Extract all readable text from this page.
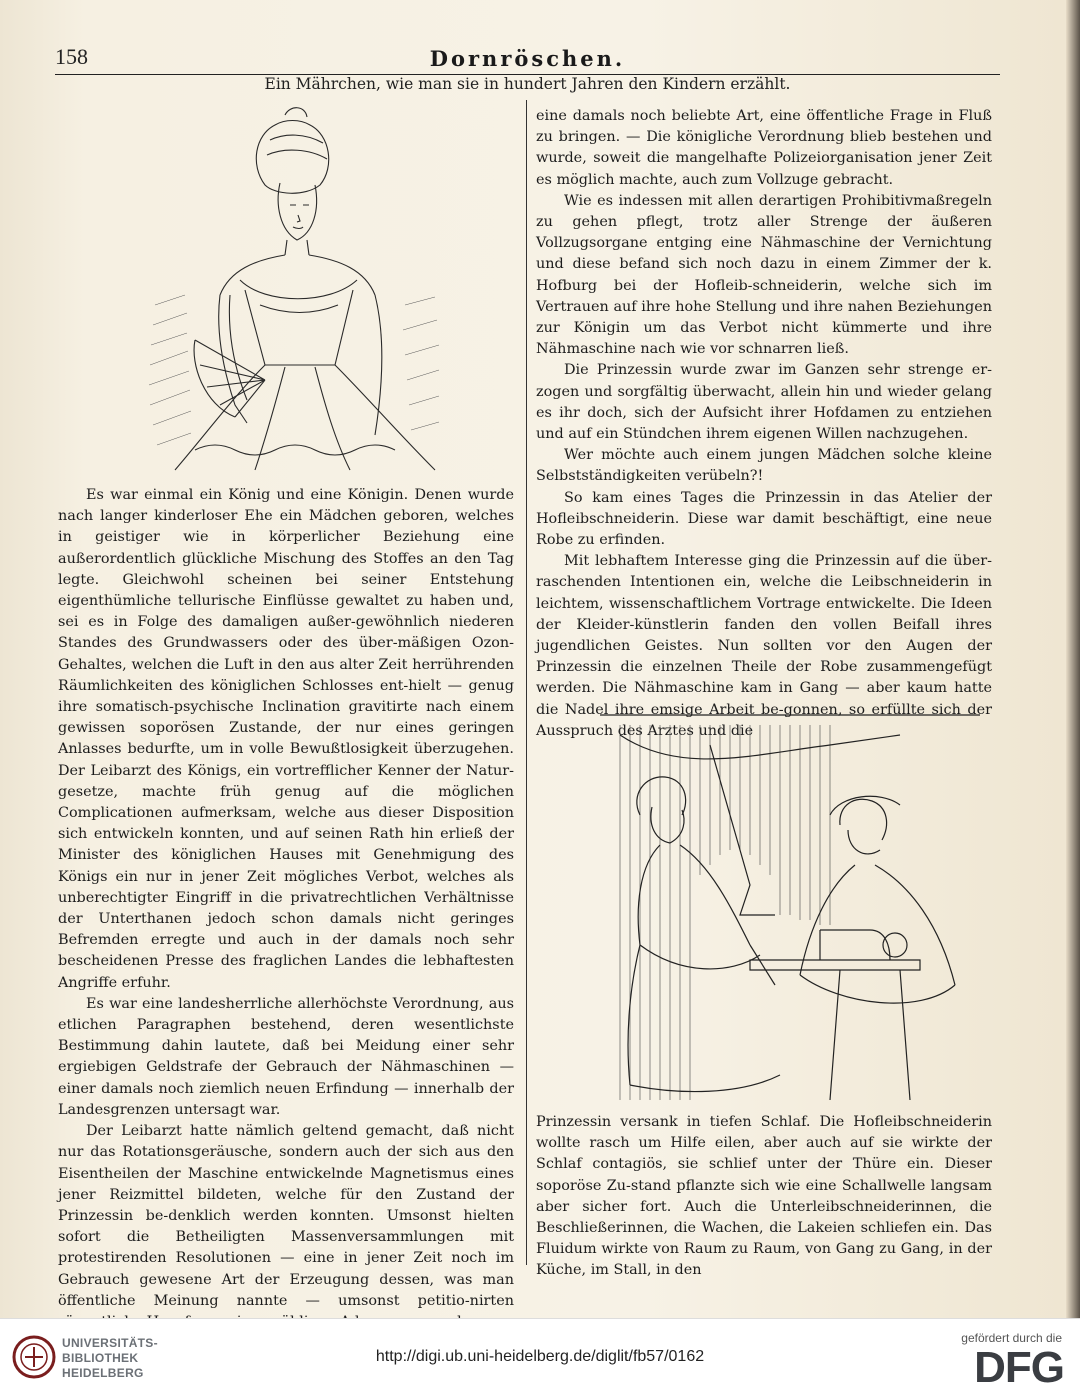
158	Dornröschen.
Ein Mährchen, wie man sie in hundert Jahren den Kindern erzählt.

Es war einmal ein König und eine Königin. Denen wurde nach langer kinderloser Ehe ein Mädchen geboren, welches in geistiger wie in körperlicher Beziehung eine außerordentlich glückliche Mischung des Stoffes an den Tag legte. Gleichwohl scheinen bei seiner Entstehung eigenthümliche tellurische Einflüsse gewaltet zu haben und, sei es in Folge des damaligen außer-gewöhnlich niederen Standes des Grundwassers oder des über-mäßigen Ozon-Gehaltes, welchen die Luft in den aus alter Zeit herrührenden Räumlichkeiten des königlichen Schlosses ent-hielt — genug ihre somatisch-psychische Inclination gravitirte nach einem gewissen soporösen Zustande, der nur eines geringen Anlasses bedurfte, um in volle Bewußtlosigkeit überzugehen. Der Leibarzt des Königs, ein vortrefflicher Kenner der Natur-gesetze, machte früh genug auf die möglichen Complicationen aufmerksam, welche aus dieser Disposition sich entwickeln konnten, und auf seinen Rath hin erließ der Minister des königlichen Hauses mit Genehmigung des Königs ein nur in jener Zeit mögliches Verbot, welches als unberechtigter Eingriff in die privatrechtlichen Verhältnisse der Unterthanen jedoch schon damals nicht geringes Befremden erregte und auch in der damals noch sehr bescheidenen Presse des fraglichen Landes die lebhaftesten Angriffe erfuhr.

Es war eine landesherrliche allerhöchste Verordnung, aus etlichen Paragraphen bestehend, deren wesentlichste Bestimmung dahin lautete, daß bei Meidung einer sehr ergiebigen Geldstrafe der Gebrauch der Nähmaschinen — einer damals noch ziemlich neuen Erfindung — innerhalb der Landesgrenzen untersagt war.

Der Leibarzt hatte nämlich geltend gemacht, daß nicht nur das Rotationsgeräusche, sondern auch der sich aus den Eisentheilen der Maschine entwickelnde Magnetismus eines jener Reizmittel bildeten, welche für den Zustand der Prinzessin be-denklich werden konnten. Umsonst hielten sofort die Betheiligten Massenversammlungen mit protestirenden Resolutionen — eine in jener Zeit noch im Gebrauch gewesene Art der Erzeugung dessen, was man öffentliche Meinung nannte — umsonst petitio-nirten

eine damals noch beliebte Art, eine öffentliche Frage in Fluß zu bringen. — Die königliche Verordnung blieb bestehen und wurde, soweit die mangelhafte Polizeiorganisation jener Zeit es möglich machte, auch zum Vollzuge gebracht.

Wie es indessen mit allen derartigen Prohibitivmaßregeln zu gehen pflegt, trotz aller Strenge der äußeren Vollzugsorgane entging eine Nähmaschine der Vernichtung und diese befand sich noch dazu in einem Zimmer der k. Hofburg bei der Hofleib-schneiderin, welche sich im Vertrauen auf ihre hohe Stellung und ihre nahen Beziehungen zur Königin um das Verbot nicht kümmerte und ihre Nähmaschine nach wie vor schnarren ließ.

Die Prinzessin wurde zwar im Ganzen sehr strenge er-zogen und sorgfältig überwacht, allein hin und wieder gelang es ihr doch, sich der Aufsicht ihrer Hofdamen zu entziehen und auf ein Stündchen ihrem eigenen Willen nachzugehen.

Wer möchte auch einem jungen Mädchen solche kleine Selbstständigkeiten verübeln?!

So kam eines Tages die Prinzessin in das Atelier der Hofleibschneiderin. Diese war damit beschäftigt, eine neue Robe zu erfinden.

Mit lebhaftem Interesse ging die Prinzessin auf die über-raschenden Intentionen ein, welche die Leibschneiderin in leichtem, wissenschaftlichem Vortrage entwickelte. Die Ideen der Kleider-künstlerin fanden den vollen Beifall ihres jugendlichen Geistes. Nun sollten vor den Augen der Prinzessin die einzelnen Theile der Robe zusammengefügt werden. Die Nähmaschine kam in Gang — aber kaum hatte die Nadel ihre emsige Arbeit be-gonnen, so erfüllte sich der Ausspruch des Arztes und die

Prinzessin versank in tiefen Schlaf. Die Hofleibschneiderin wollte rasch um Hilfe eilen, aber auch auf sie wirkte der Schlaf contagiös, sie schlief unter der Thüre ein. Dieser soporöse Zu-stand pflanzte sich wie eine Schallwelle langsam aber sicher fort. Auch die Unterleibschneiderinnen, die Beschließerinnen, die Wachen, die Lakeien schliefen ein. Das Fluidum wirkte von Raum zu Raum, von Gang zu Gang, in der Küche, im Stall, in den

UNIVERSITÄTS-
BIBLIOTHEK
HEIDELBERG
http://digi.ub.uni-heidelberg.de/diglit/fb57/0162
gefördert durch die
DFG
